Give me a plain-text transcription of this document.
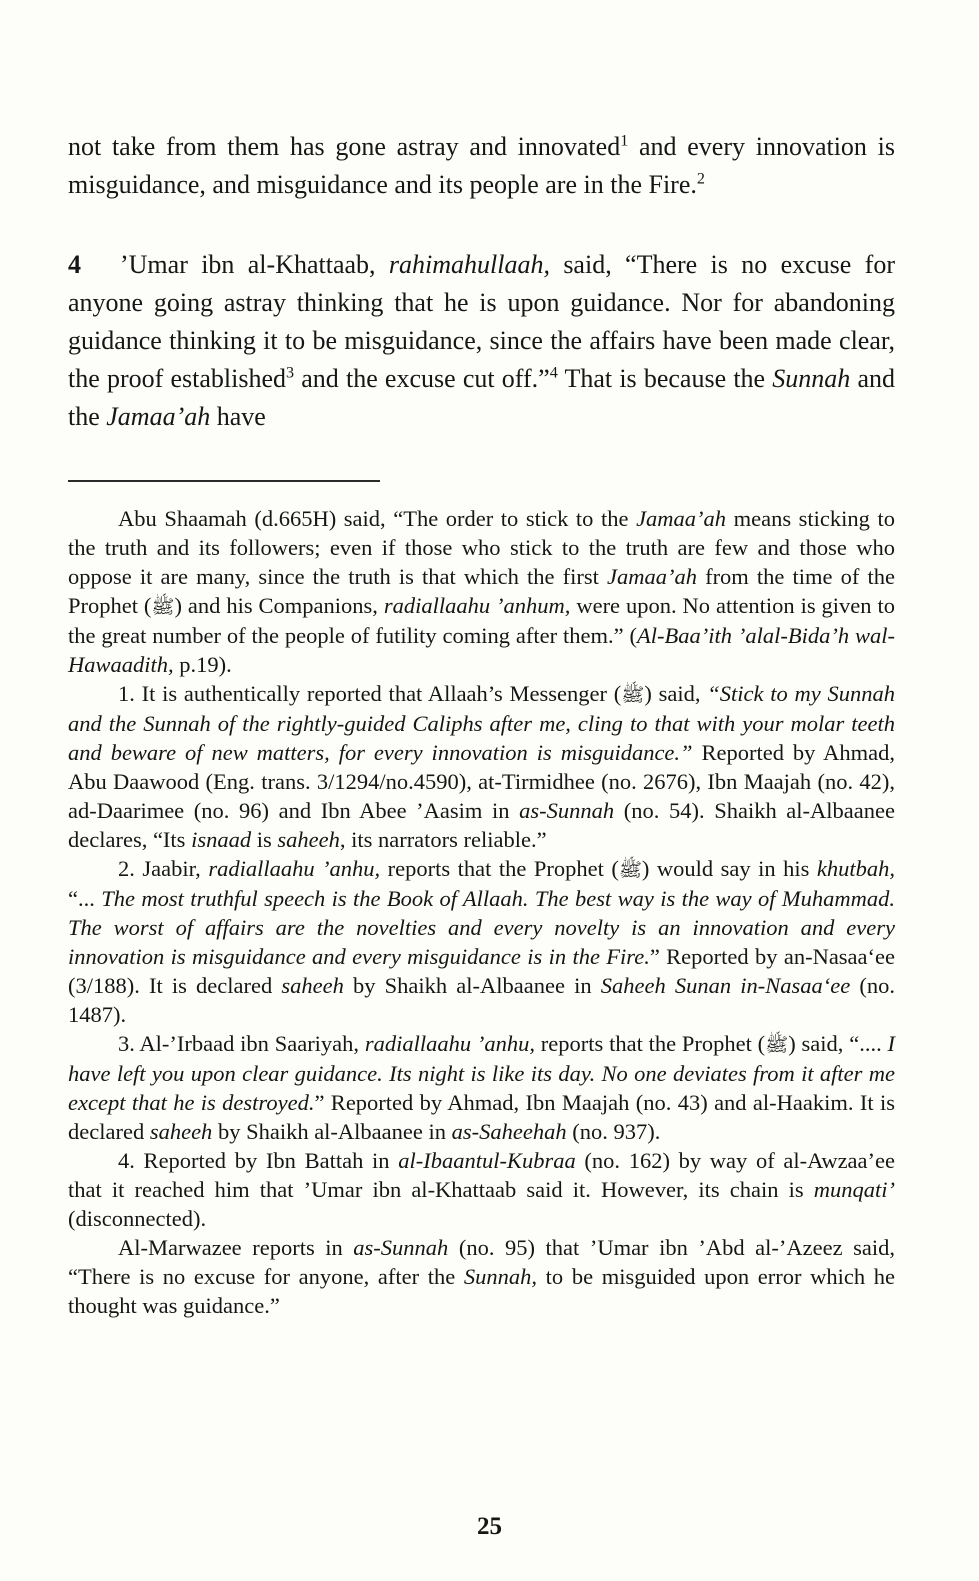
not take from them has gone astray and innovated$^1$ and every innovation is misguidance, and misguidance and its people are in the Fire.$^2$

4   ’Umar ibn al-Khattaab, rahimahullaah, said, “There is no excuse for anyone going astray thinking that he is upon guidance. Nor for abandoning guidance thinking it to be misguidance, since the affairs have been made clear, the proof established$^3$ and the excuse cut off.”$^4$ That is because the Sunnah and the Jamaa’ah have

Abu Shaamah (d.665H) said, “The order to stick to the Jamaa’ah means sticking to the truth and its followers; even if those who stick to the truth are few and those who oppose it are many, since the truth is that which the first Jamaa’ah from the time of the Prophet (ﷺ) and his Companions, radiallaahu ’anhum, were upon. No attention is given to the great number of the people of futility coming after them.” (Al-Baa’ith ’alal-Bida’h wal-Hawaadith, p.19).

1. It is authentically reported that Allaah’s Messenger (ﷺ) said, “Stick to my Sunnah and the Sunnah of the rightly-guided Caliphs after me, cling to that with your molar teeth and beware of new matters, for every innovation is misguidance.” Reported by Ahmad, Abu Daawood (Eng. trans. 3/1294/no.4590), at-Tirmidhee (no. 2676), Ibn Maajah (no. 42), ad-Daarimee (no. 96) and Ibn Abee ’Aasim in as-Sunnah (no. 54). Shaikh al-Albaanee declares, “Its isnaad is saheeh, its narrators reliable.”

2. Jaabir, radiallaahu ’anhu, reports that the Prophet (ﷺ) would say in his khutbah, “... The most truthful speech is the Book of Allaah. The best way is the way of Muhammad. The worst of affairs are the novelties and every novelty is an innovation and every innovation is misguidance and every misguidance is in the Fire.” Reported by an-Nasaa‘ee (3/188). It is declared saheeh by Shaikh al-Albaanee in Saheeh Sunan in-Nasaa‘ee (no. 1487).

3. Al-’Irbaad ibn Saariyah, radiallaahu ’anhu, reports that the Prophet (ﷺ) said, “.... I have left you upon clear guidance. Its night is like its day. No one deviates from it after me except that he is destroyed.” Reported by Ahmad, Ibn Maajah (no. 43) and al-Haakim. It is declared saheeh by Shaikh al-Albaanee in as-Saheehah (no. 937).

4. Reported by Ibn Battah in al-Ibaantul-Kubraa (no. 162) by way of al-Awzaa’ee that it reached him that ’Umar ibn al-Khattaab said it. However, its chain is munqati’ (disconnected).

Al-Marwazee reports in as-Sunnah (no. 95) that ’Umar ibn ’Abd al-’Azeez said, “There is no excuse for anyone, after the Sunnah, to be misguided upon error which he thought was guidance.”

25
